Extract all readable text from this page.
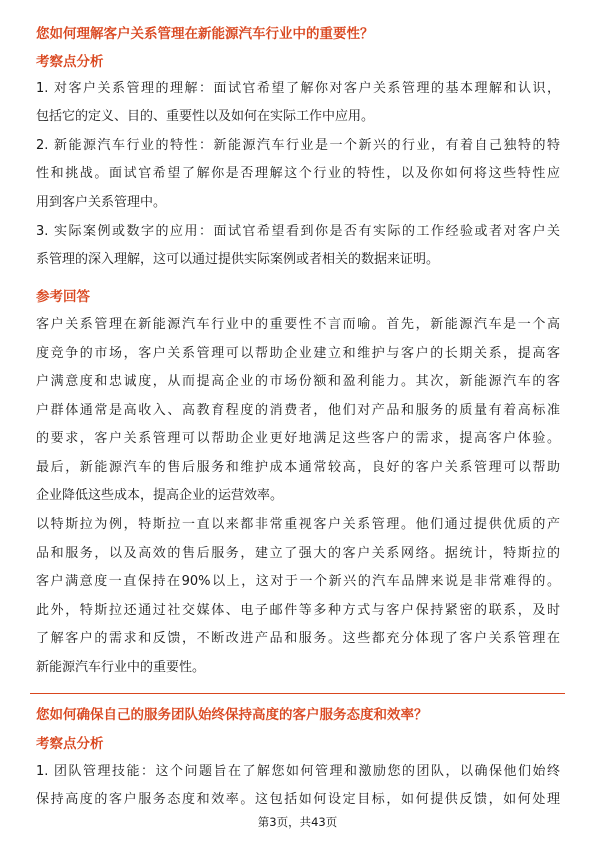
您如何理解客户关系管理在新能源汽车行业中的重要性？
考察点分析
1. 对客户关系管理的理解：面试官希望了解你对客户关系管理的基本理解和认识，
包括它的定义、目的、重要性以及如何在实际工作中应用。
2. 新能源汽车行业的特性：新能源汽车行业是一个新兴的行业，有着自己独特的特
性和挑战。面试官希望了解你是否理解这个行业的特性，以及你如何将这些特性应
用到客户关系管理中。
3. 实际案例或数字的应用：面试官希望看到你是否有实际的工作经验或者对客户关
系管理的深入理解，这可以通过提供实际案例或者相关的数据来证明。
参考回答
客户关系管理在新能源汽车行业中的重要性不言而喻。首先，新能源汽车是一个高
度竞争的市场，客户关系管理可以帮助企业建立和维护与客户的长期关系，提高客
户满意度和忠诚度，从而提高企业的市场份额和盈利能力。其次，新能源汽车的客
户群体通常是高收入、高教育程度的消费者，他们对产品和服务的质量有着高标准
的要求，客户关系管理可以帮助企业更好地满足这些客户的需求，提高客户体验。
最后，新能源汽车的售后服务和维护成本通常较高，良好的客户关系管理可以帮助
企业降低这些成本，提高企业的运营效率。
以特斯拉为例，特斯拉一直以来都非常重视客户关系管理。他们通过提供优质的产
品和服务，以及高效的售后服务，建立了强大的客户关系网络。据统计，特斯拉的
客户满意度一直保持在90%以上，这对于一个新兴的汽车品牌来说是非常难得的。
此外，特斯拉还通过社交媒体、电子邮件等多种方式与客户保持紧密的联系，及时
了解客户的需求和反馈，不断改进产品和服务。这些都充分体现了客户关系管理在
新能源汽车行业中的重要性。
您如何确保自己的服务团队始终保持高度的客户服务态度和效率？
考察点分析
1. 团队管理技能：这个问题旨在了解您如何管理和激励您的团队，以确保他们始终
保持高度的客户服务态度和效率。这包括如何设定目标，如何提供反馈，如何处理
第3页，共43页
